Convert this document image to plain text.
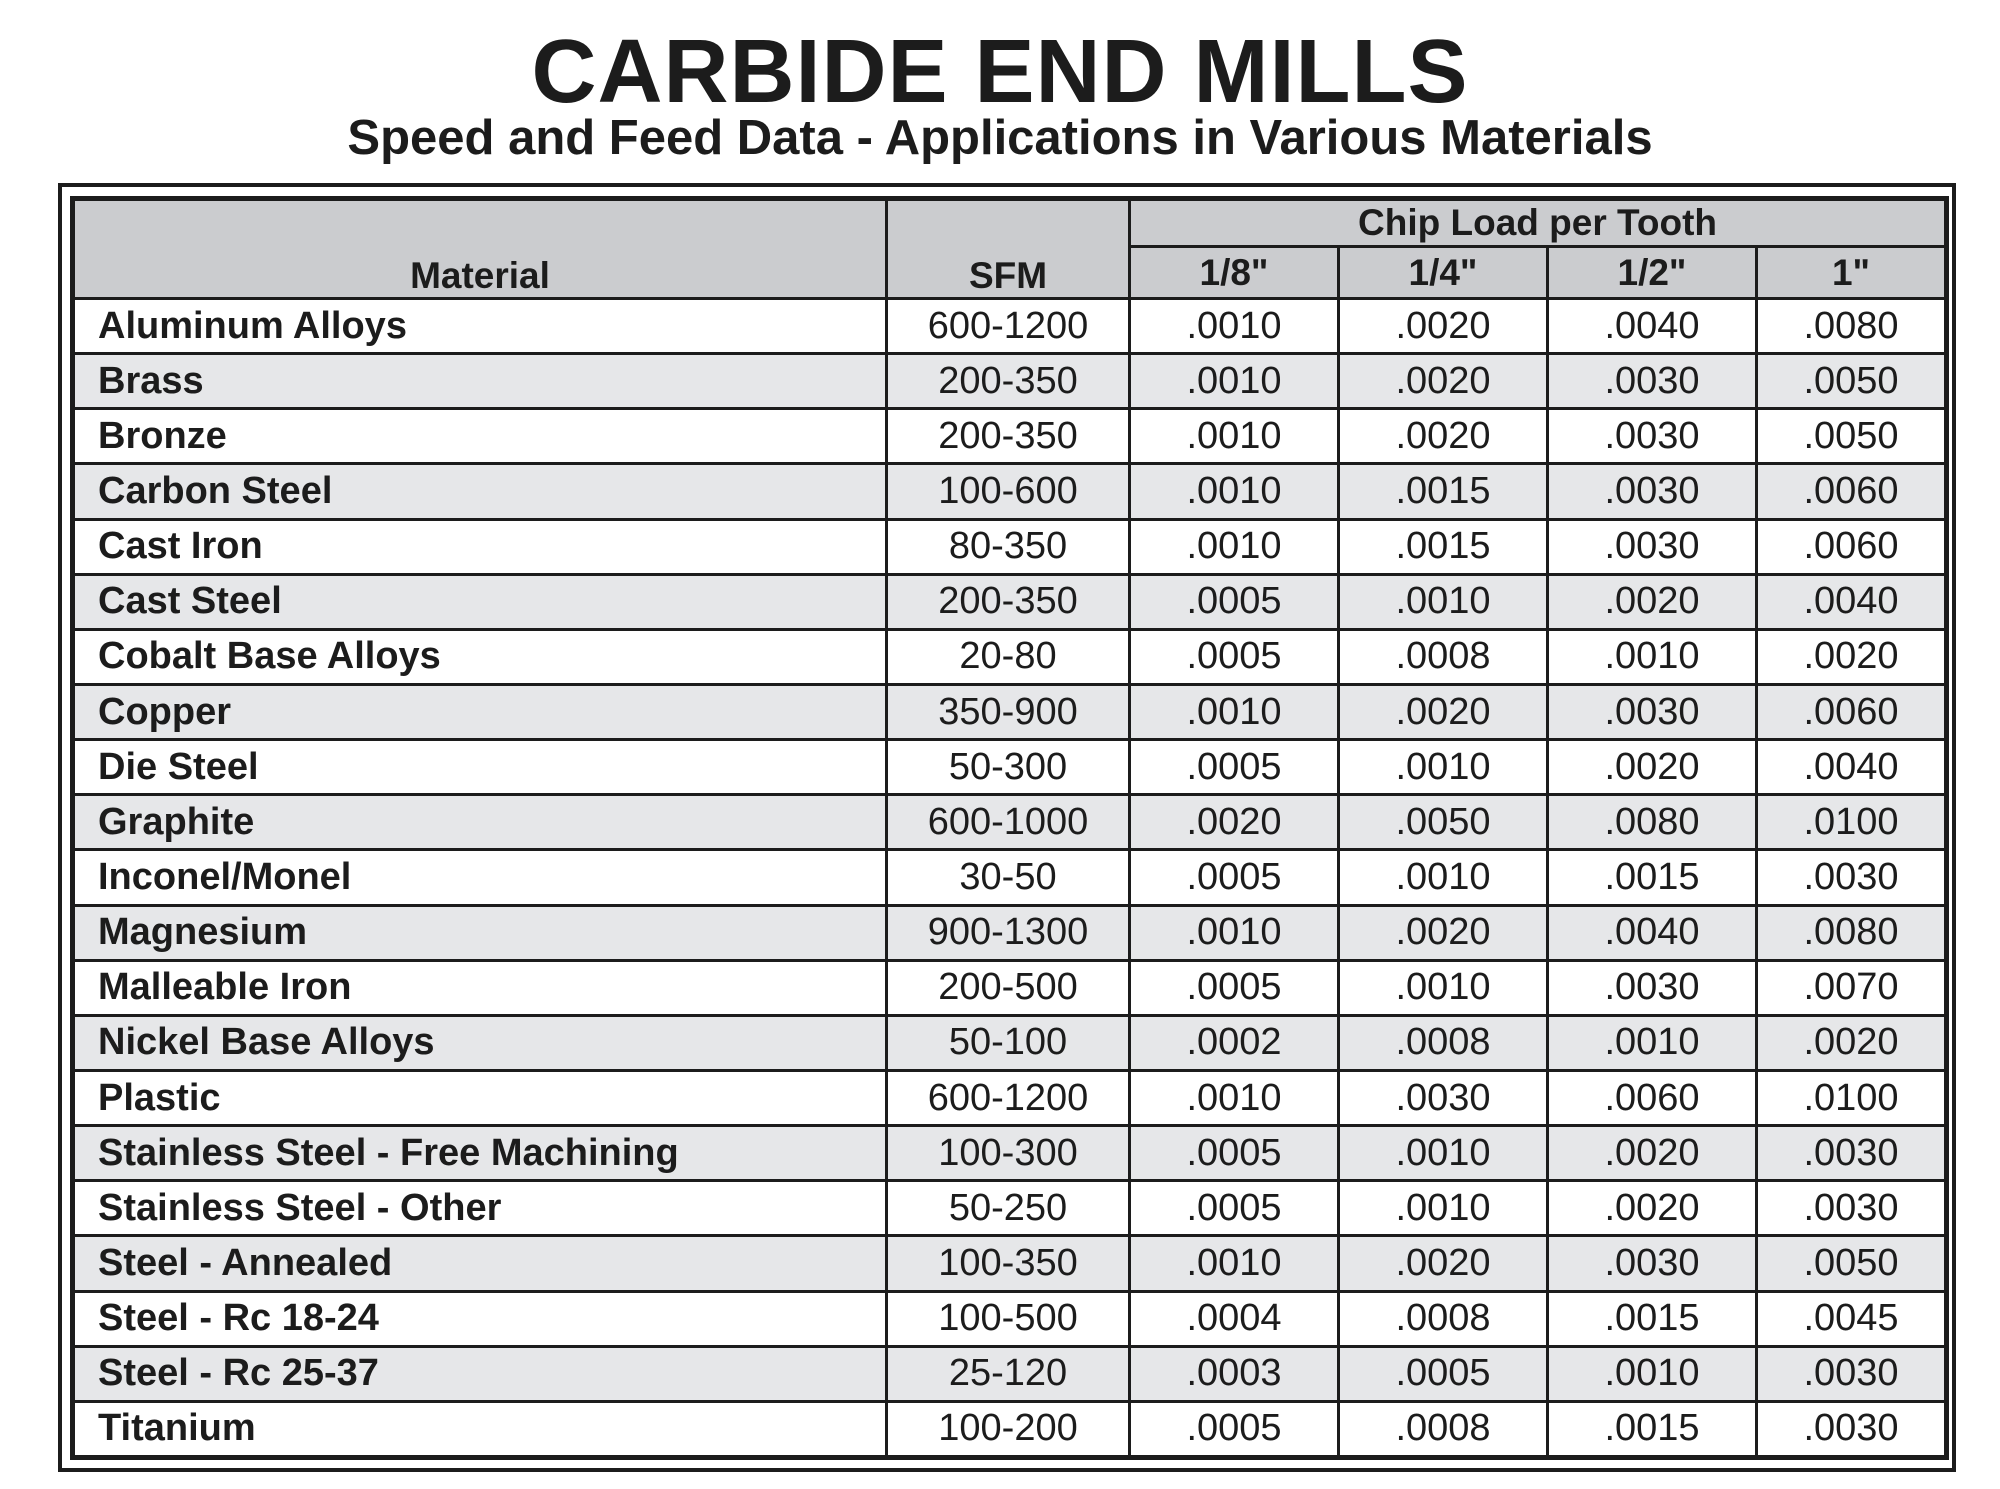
CARBIDE END MILLS
Speed and Feed Data - Applications in Various Materials
Material	SFM	Chip Load per Tooth			
		1/8"	1/4"	1/2"	1"
Aluminum Alloys	600-1200	.0010	.0020	.0040	.0080
Brass	200-350	.0010	.0020	.0030	.0050
Bronze	200-350	.0010	.0020	.0030	.0050
Carbon Steel	100-600	.0010	.0015	.0030	.0060
Cast Iron	80-350	.0010	.0015	.0030	.0060
Cast Steel	200-350	.0005	.0010	.0020	.0040
Cobalt Base Alloys	20-80	.0005	.0008	.0010	.0020
Copper	350-900	.0010	.0020	.0030	.0060
Die Steel	50-300	.0005	.0010	.0020	.0040
Graphite	600-1000	.0020	.0050	.0080	.0100
Inconel/Monel	30-50	.0005	.0010	.0015	.0030
Magnesium	900-1300	.0010	.0020	.0040	.0080
Malleable Iron	200-500	.0005	.0010	.0030	.0070
Nickel Base Alloys	50-100	.0002	.0008	.0010	.0020
Plastic	600-1200	.0010	.0030	.0060	.0100
Stainless Steel - Free Machining	100-300	.0005	.0010	.0020	.0030
Stainless Steel - Other	50-250	.0005	.0010	.0020	.0030
Steel - Annealed	100-350	.0010	.0020	.0030	.0050
Steel - Rc 18-24	100-500	.0004	.0008	.0015	.0045
Steel - Rc 25-37	25-120	.0003	.0005	.0010	.0030
Titanium	100-200	.0005	.0008	.0015	.0030
